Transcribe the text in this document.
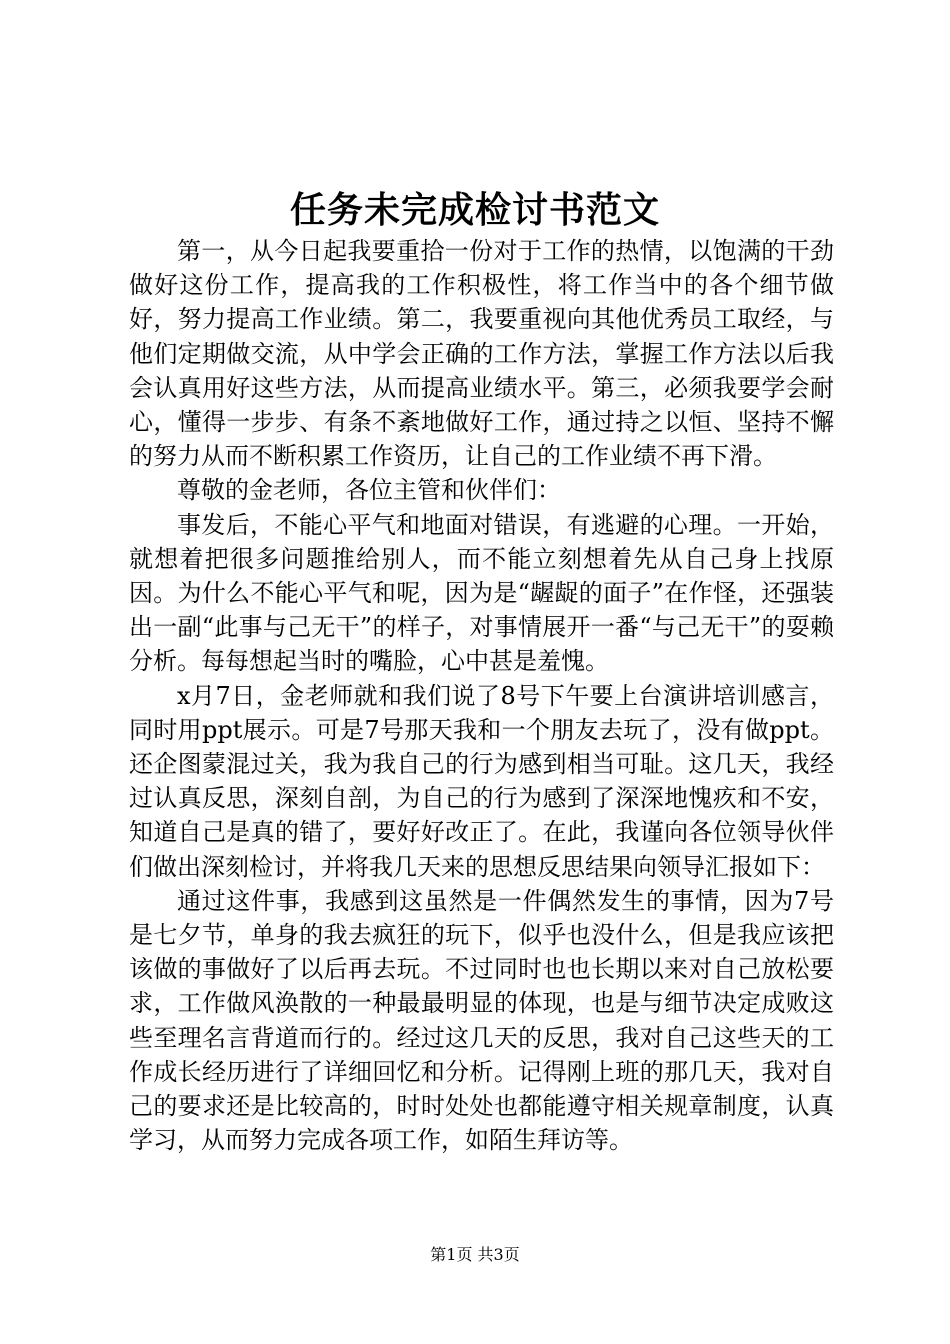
任务未完成检讨书范文

第一，从今日起我要重拾一份对于工作的热情，以饱满的干劲做好这份工作，提高我的工作积极性，将工作当中的各个细节做好，努力提高工作业绩。第二，我要重视向其他优秀员工取经，与他们定期做交流，从中学会正确的工作方法，掌握工作方法以后我会认真用好这些方法，从而提高业绩水平。第三，必须我要学会耐心，懂得一步步、有条不紊地做好工作，通过持之以恒、坚持不懈的努力从而不断积累工作资历，让自己的工作业绩不再下滑。

尊敬的金老师，各位主管和伙伴们：

事发后，不能心平气和地面对错误，有逃避的心理。一开始，就想着把很多问题推给别人，而不能立刻想着先从自己身上找原因。为什么不能心平气和呢，因为是“龌龊的面子”在作怪，还强装出一副“此事与己无干”的样子，对事情展开一番“与己无干”的耍赖分析。每每想起当时的嘴脸，心中甚是羞愧。

x月7日，金老师就和我们说了8号下午要上台演讲培训感言，同时用ppt展示。可是7号那天我和一个朋友去玩了，没有做ppt。还企图蒙混过关，我为我自己的行为感到相当可耻。这几天，我经过认真反思，深刻自剖，为自己的行为感到了深深地愧疚和不安，知道自己是真的错了，要好好改正了。在此，我谨向各位领导伙伴们做出深刻检讨，并将我几天来的思想反思结果向领导汇报如下：

通过这件事，我感到这虽然是一件偶然发生的事情，因为7号是七夕节，单身的我去疯狂的玩下，似乎也没什么，但是我应该把该做的事做好了以后再去玩。不过同时也也长期以来对自己放松要求，工作做风涣散的一种最最明显的体现，也是与细节决定成败这些至理名言背道而行的。经过这几天的反思，我对自己这些天的工作成长经历进行了详细回忆和分析。记得刚上班的那几天，我对自己的要求还是比较高的，时时处处也都能遵守相关规章制度，认真学习，从而努力完成各项工作，如陌生拜访等。

第1页 共3页
